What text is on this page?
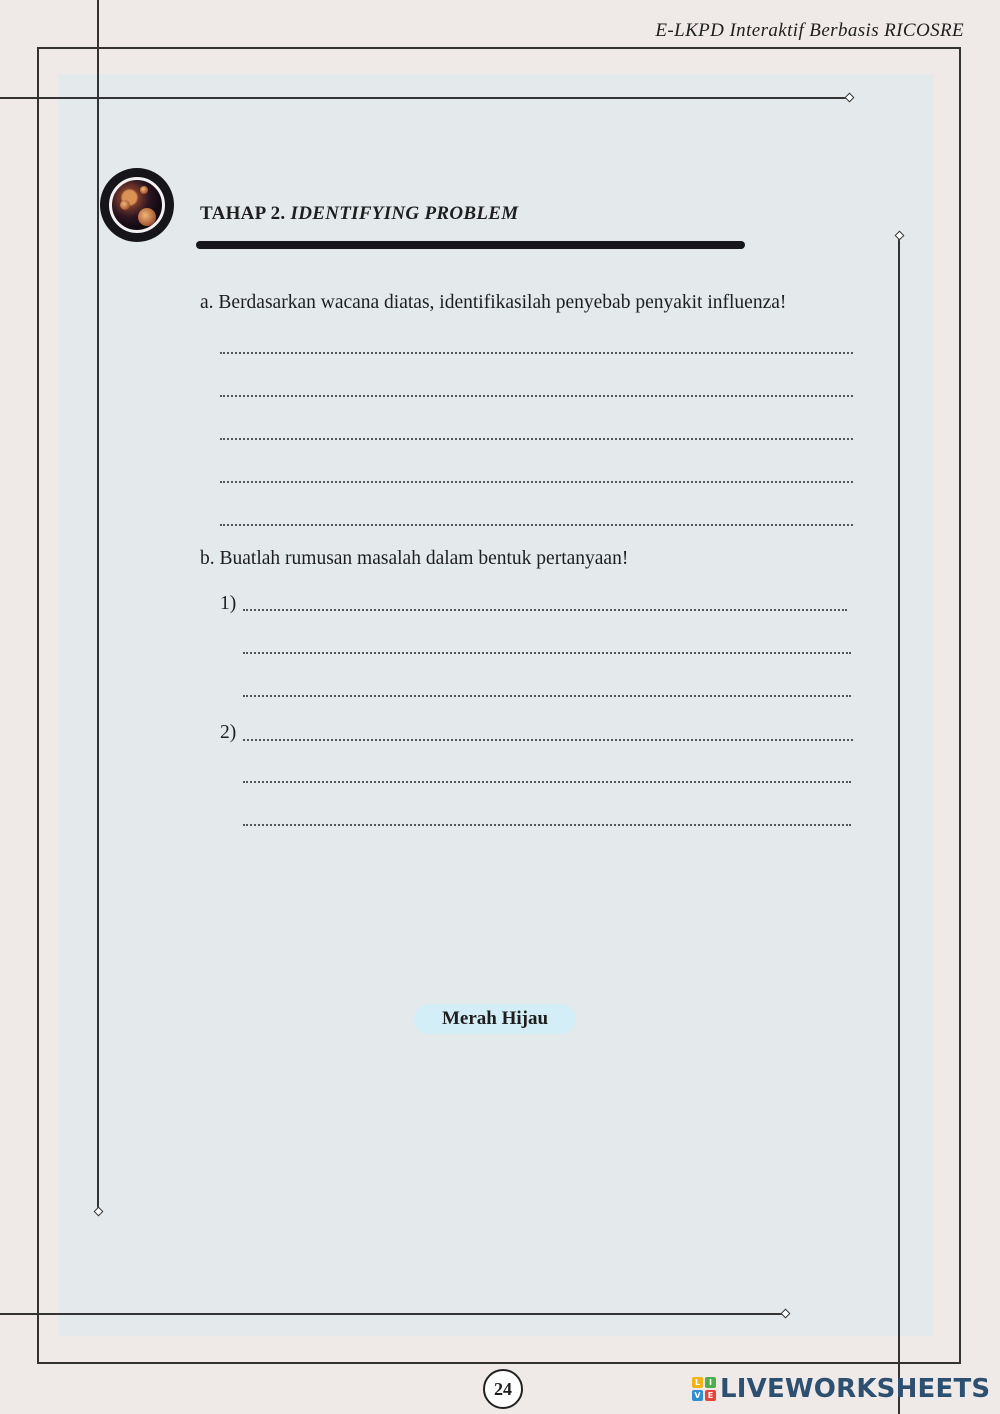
E-LKPD Interaktif Berbasis RICOSRE
TAHAP 2. IDENTIFYING PROBLEM
a. Berdasarkan wacana diatas, identifikasilah penyebab penyakit influenza!
b. Buatlah rumusan masalah dalam bentuk pertanyaan!
1)
2)
Merah Hijau
24	L	I
V E LIVEWORKSHEETS
